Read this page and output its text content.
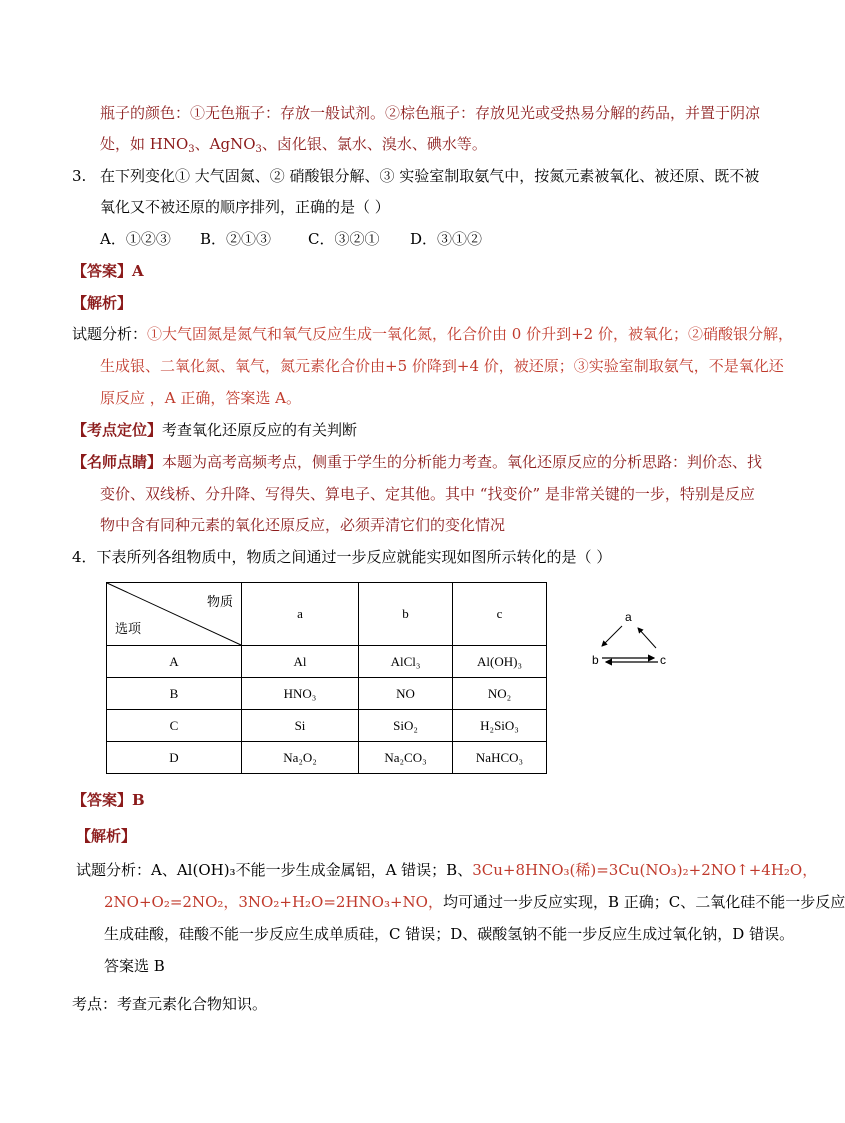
瓶子的颜色：①无色瓶子：存放一般试剂。②棕色瓶子：存放见光或受热易分解的药品，并置于阴凉
处，如 $HNO_3$、AgNO$_3$、卤化银、氯水、溴水、碘水等。
3. 在下列变化① 大气固氮、② 硝酸银分解、③ 实验室制取氨气中，按氮元素被氧化、被还原、既不被
氧化又不被还原的顺序排列，正确的是（ ）
A．①②③ B．②①③ C．③②① D．③①②
【答案】A
【解析】
试题分析：①大气固氮是氮气和氧气反应生成一氧化氮，化合价由 0 价升到+2 价，被氧化；②硝酸银分解，
生成银、二氧化氮、氧气，氮元素化合价由+5 价降到+4 价，被还原；③实验室制取氨气，不是氧化还
原反应 ，A 正确，答案选 A。
【考点定位】考查氧化还原反应的有关判断
【名师点睛】本题为高考高频考点，侧重于学生的分析能力考查。氧化还原反应的分析思路：判价态、找
变价、双线桥、分升降、写得失、算电子、定其他。其中 “找变价” 是非常关键的一步，特别是反应
物中含有同种元素的氧化还原反应，必须弄清它们的变化情况
4．下表所列各组物质中，物质之间通过一步反应就能实现如图所示转化的是（ ）
物质
选项	a	b	c
A	Al	AlCl₃	Al(OH)₃
B	HNO₃	NO	NO₂
C	Si	SiO₂	H₂SiO₃
D	Na₂O₂	Na₂CO₃	NaHCO₃
a
b	c
【答案】B
【解析】
试题分析：A、Al(OH)₃不能一步生成金属铝，A 错误；B、3Cu+8HNO₃(稀)=3Cu(NO₃)₂+2NO↑+4H₂O，
2NO+O₂=2NO₂，3NO₂+H₂O=2HNO₃+NO，均可通过一步反应实现，B 正确；C、二氧化硅不能一步反应
生成硅酸，硅酸不能一步反应生成单质硅，C 错误；D、碳酸氢钠不能一步反应生成过氧化钠，D 错误。
答案选 B
考点：考查元素化合物知识。
